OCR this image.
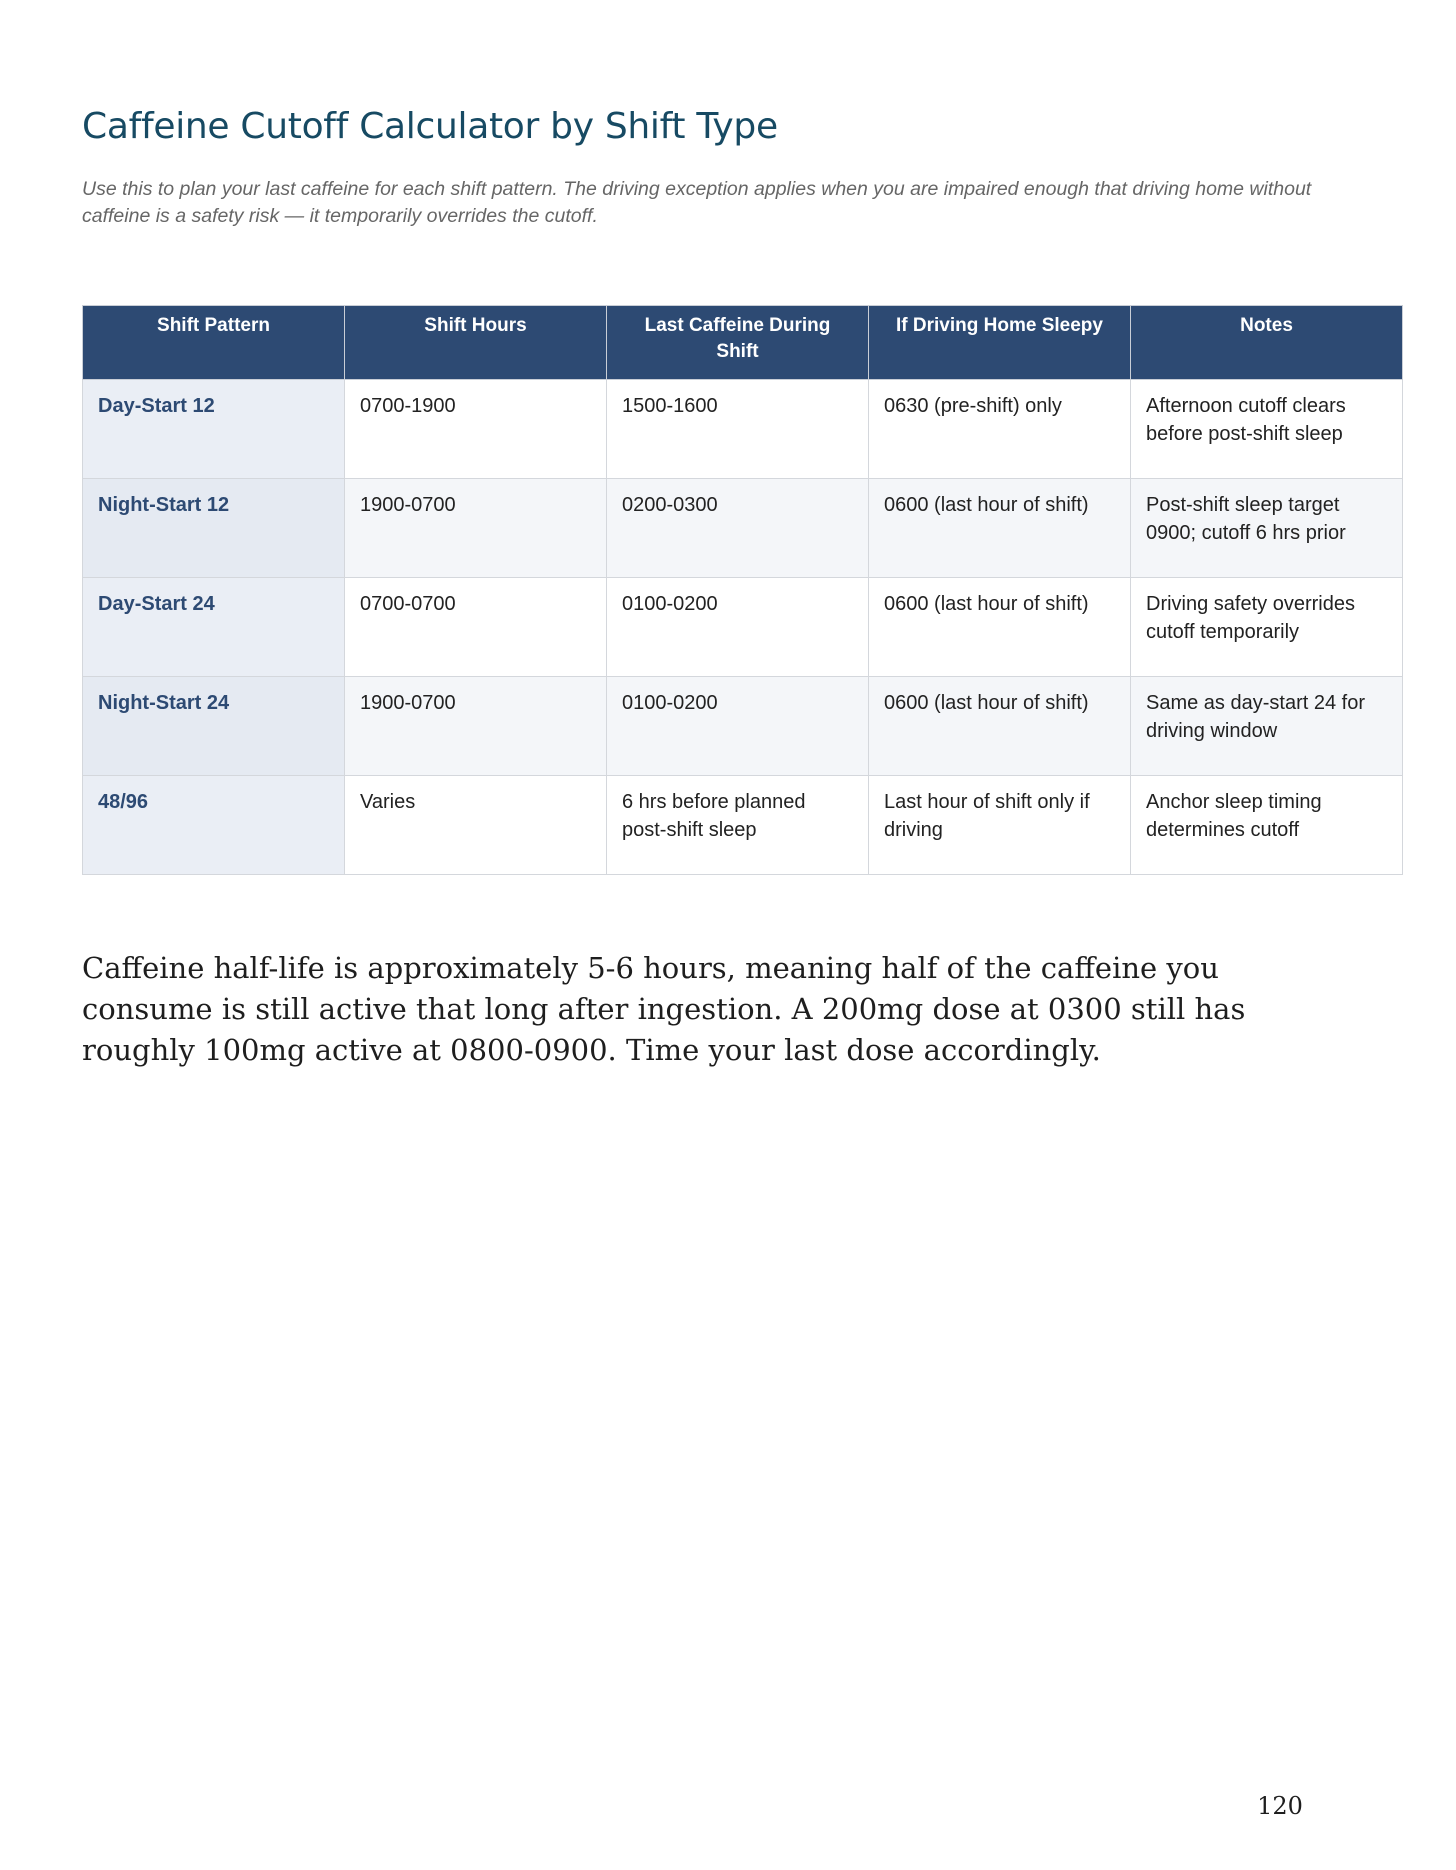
Caffeine Cutoff Calculator by Shift Type

Use this to plan your last caffeine for each shift pattern. The driving exception applies when you are impaired enough that driving home without caffeine is a safety risk — it temporarily overrides the cutoff.

Shift Pattern	Shift Hours	Last Caffeine During Shift	If Driving Home Sleepy	Notes
Day-Start 12	0700-1900	1500-1600	0630 (pre-shift) only	Afternoon cutoff clears before post-shift sleep
Night-Start 12	1900-0700	0200-0300	0600 (last hour of shift)	Post-shift sleep target 0900; cutoff 6 hrs prior
Day-Start 24	0700-0700	0100-0200	0600 (last hour of shift)	Driving safety overrides cutoff temporarily
Night-Start 24	1900-0700	0100-0200	0600 (last hour of shift)	Same as day-start 24 for driving window
48/96	Varies	6 hrs before planned post-shift sleep	Last hour of shift only if driving	Anchor sleep timing determines cutoff

Caffeine half-life is approximately 5-6 hours, meaning half of the caffeine you consume is still active that long after ingestion. A 200mg dose at 0300 still has roughly 100mg active at 0800-0900. Time your last dose accordingly.

120
